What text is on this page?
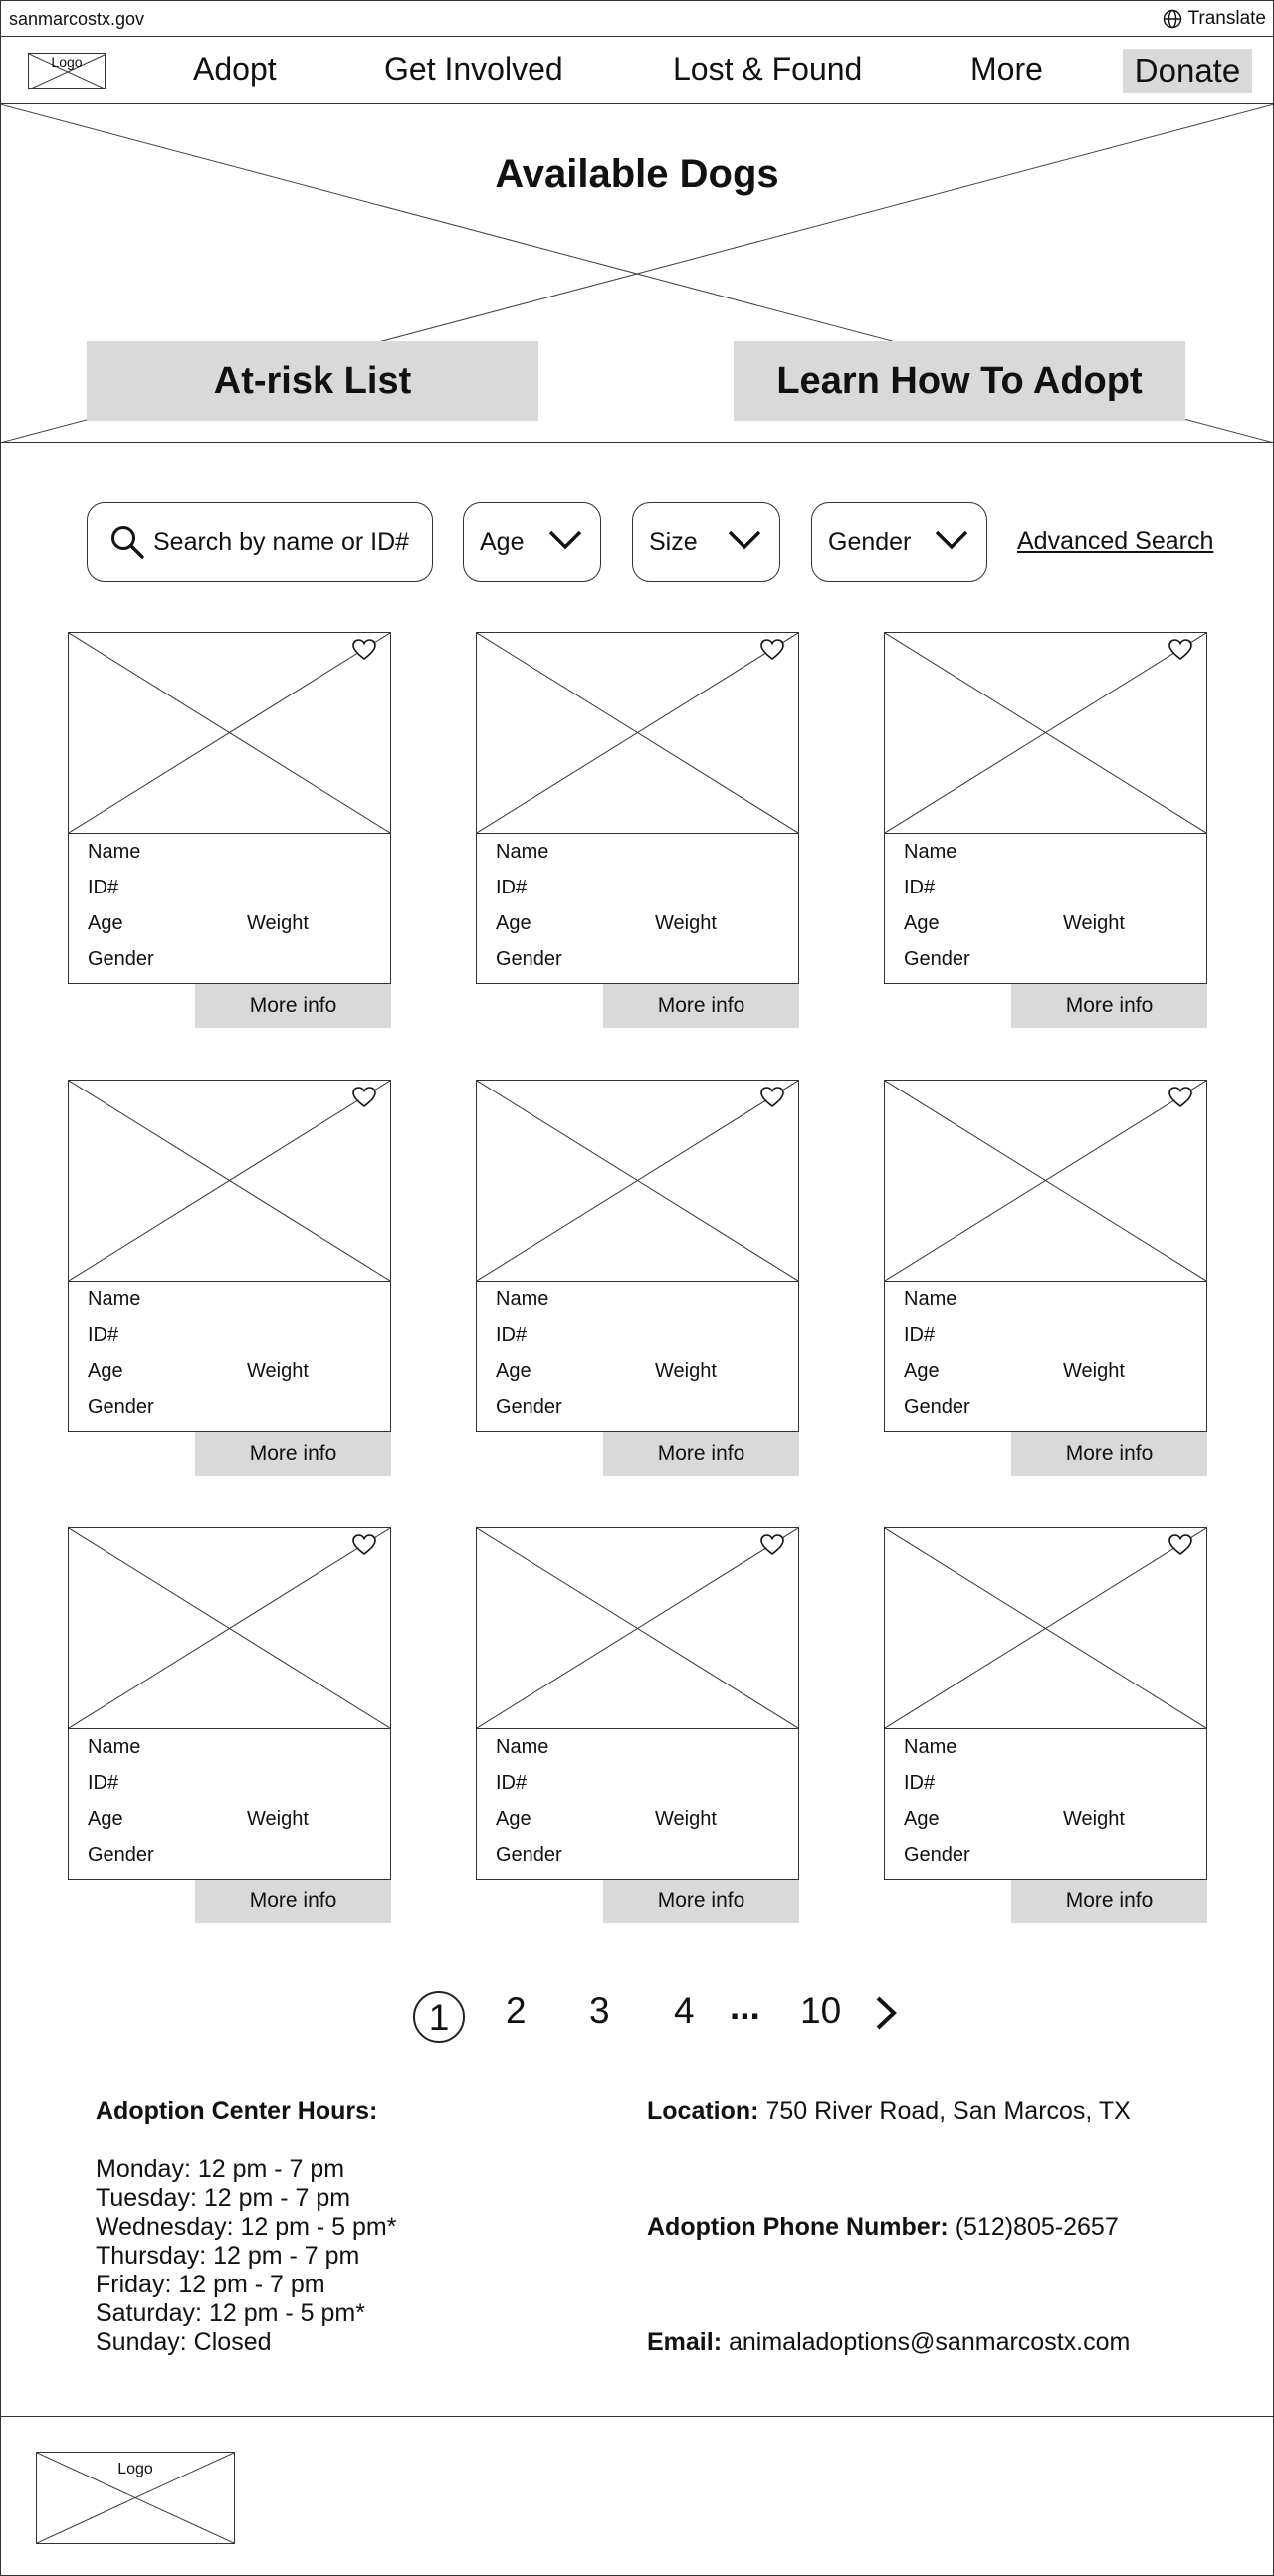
sanmarcostx.gov	Translate
Logo	Adopt	Get Involved	Lost & Found	More	Donate
Available Dogs
At-risk List	Learn How To Adopt
Search by name or ID#
Age	Size	Gender	Advanced Search
Name
ID#
Age	Weight
Gender
More info
Name
ID#
Age	Weight
Gender
More info
Name
ID#
Age	Weight
Gender
More info
Name
ID#
Age	Weight
Gender
More info
Name
ID#
Age	Weight
Gender
More info
Name
ID#
Age	Weight
Gender
More info
Name
ID#
Age	Weight
Gender
More info
Name
ID#
Age	Weight
Gender
More info
Name
ID#
Age	Weight
Gender
More info
1	2 3 4 ... 10
Adoption Center Hours:
Monday: 12 pm - 7 pm
Tuesday: 12 pm - 7 pm
Wednesday: 12 pm - 5 pm*
Thursday: 12 pm - 7 pm
Friday: 12 pm - 7 pm
Saturday: 12 pm - 5 pm*
Sunday: Closed
Location: 750 River Road, San Marcos, TX
Adoption Phone Number: (512)805-2657
Email: animaladoptions@sanmarcostx.com
Logo
